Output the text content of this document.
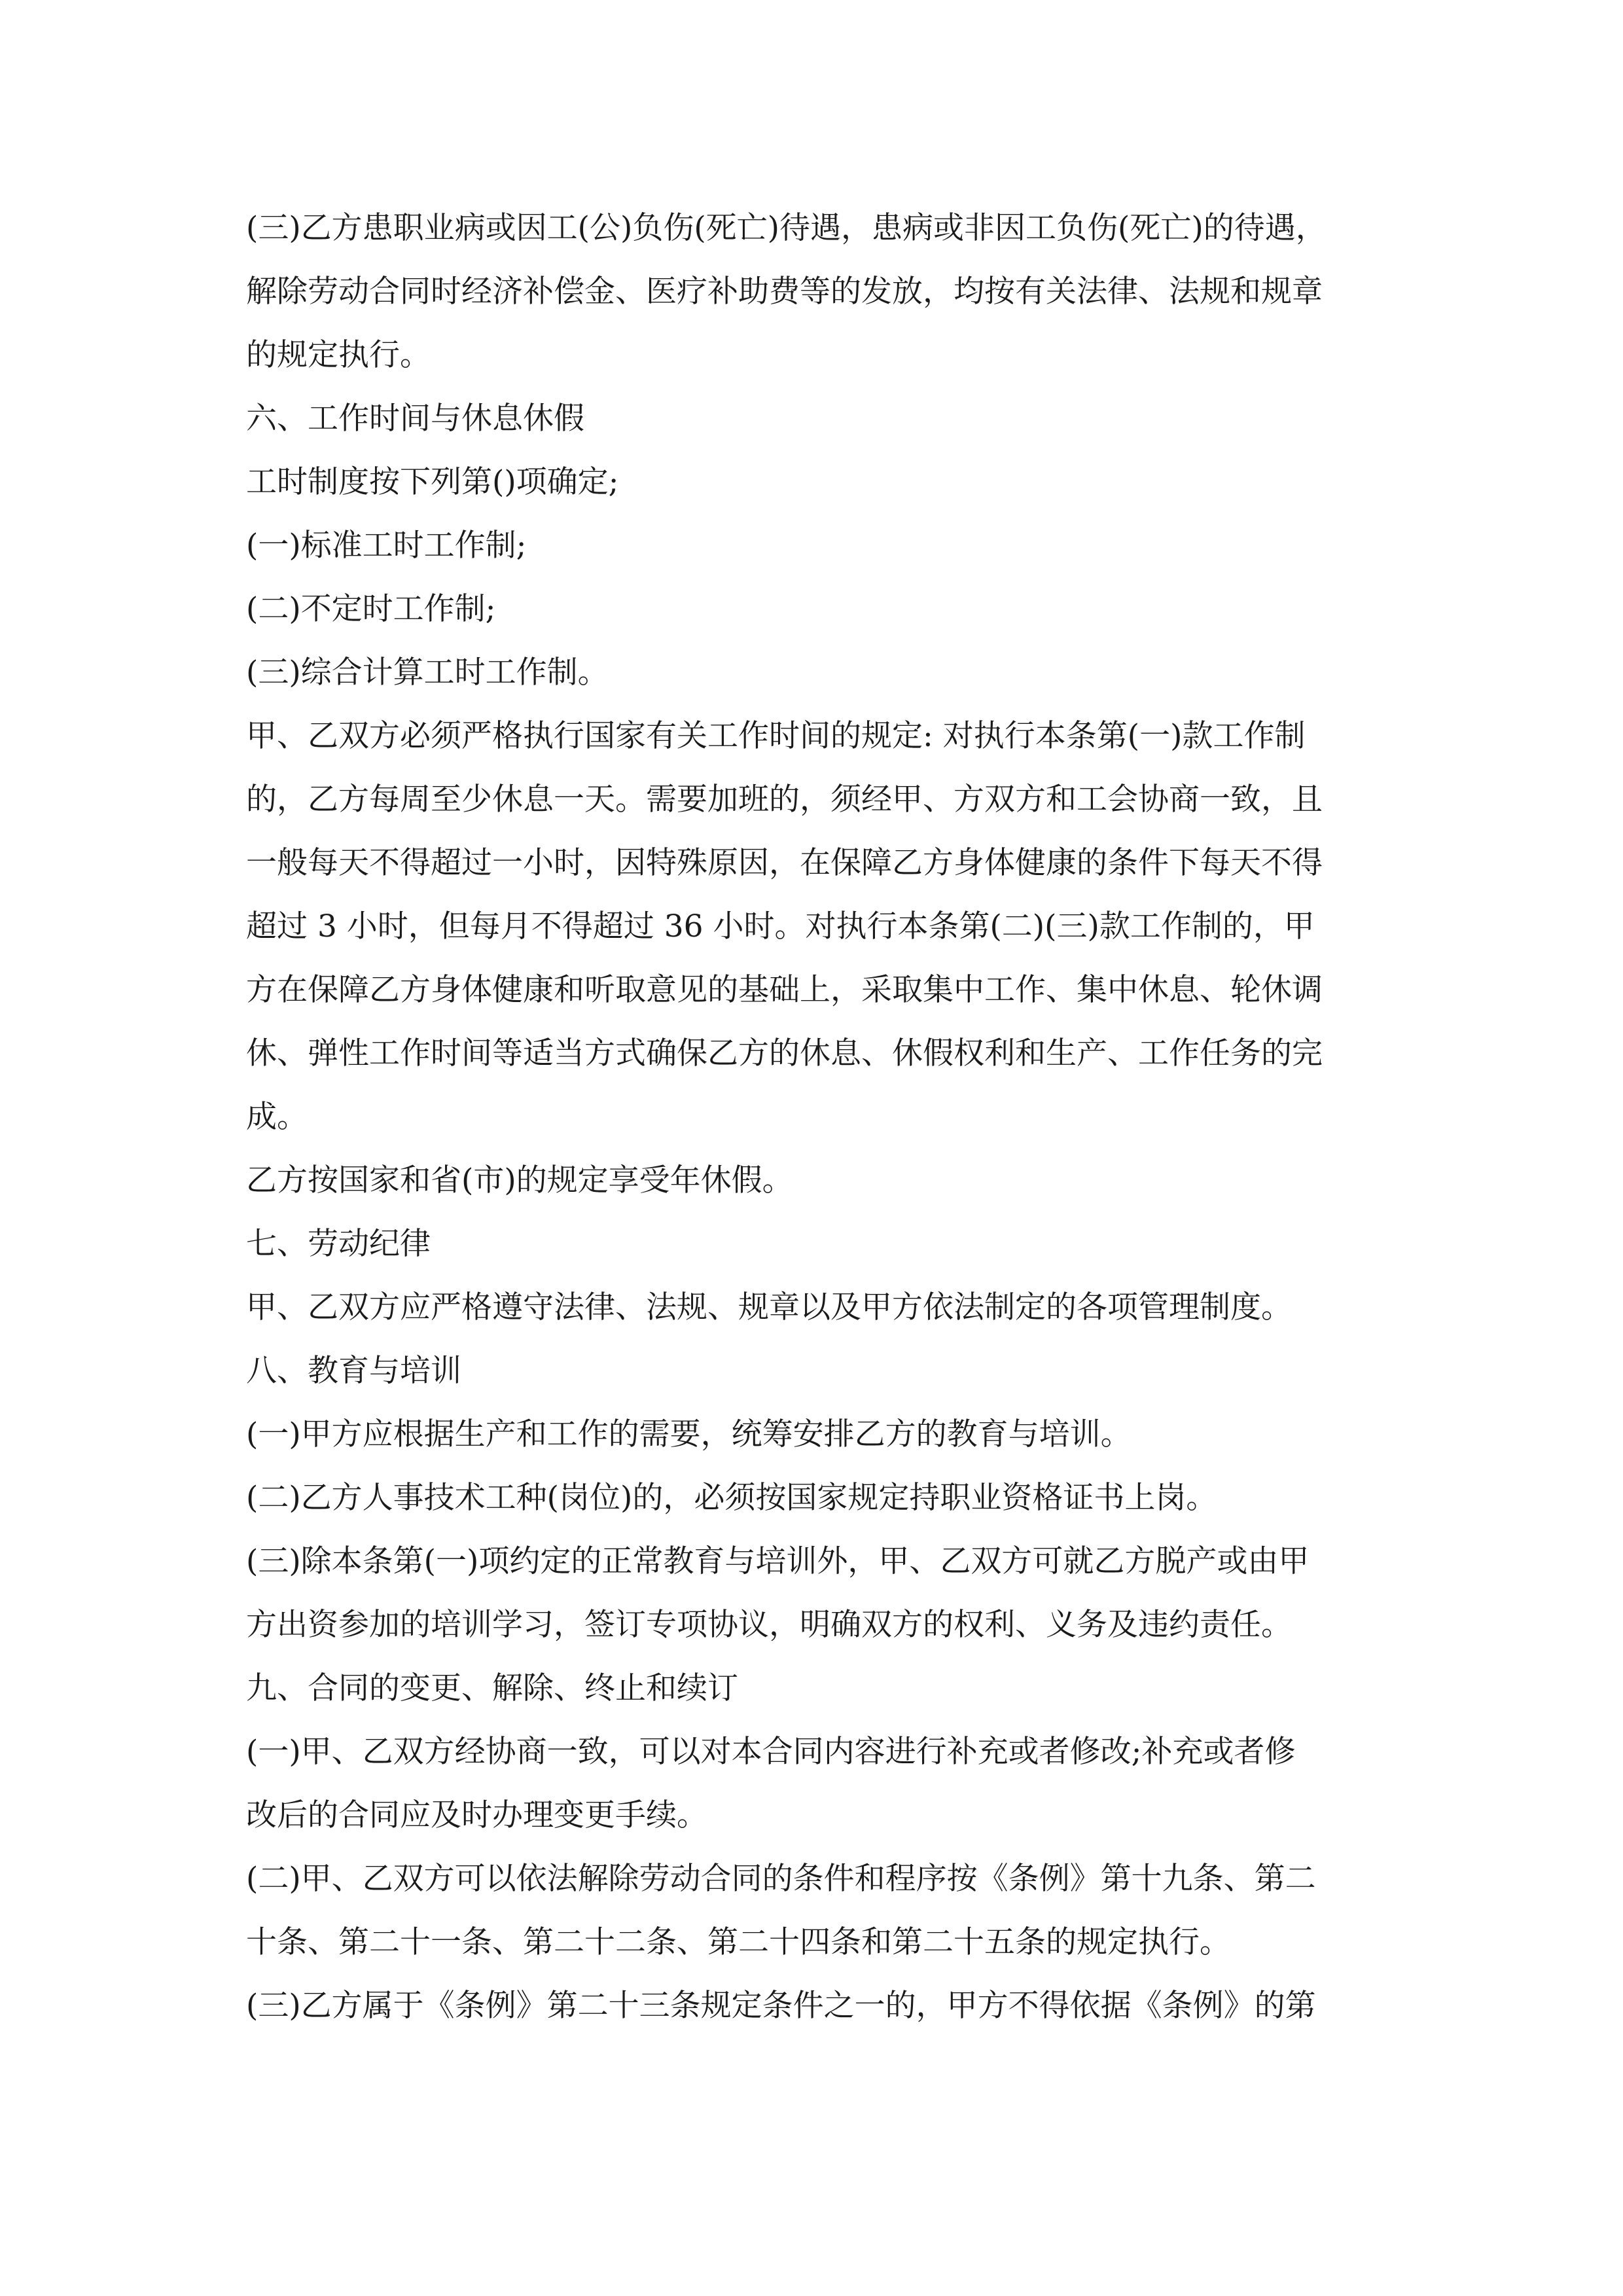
(三)乙方患职业病或因工(公)负伤(死亡)待遇，患病或非因工负伤(死亡)的待遇，
解除劳动合同时经济补偿金、医疗补助费等的发放，均按有关法律、法规和规章
的规定执行。
六、工作时间与休息休假
工时制度按下列第()项确定;
(一)标准工时工作制;
(二)不定时工作制;
(三)综合计算工时工作制。
甲、乙双方必须严格执行国家有关工作时间的规定: 对执行本条第(一)款工作制
的，乙方每周至少休息一天。需要加班的，须经甲、方双方和工会协商一致，且
一般每天不得超过一小时，因特殊原因，在保障乙方身体健康的条件下每天不得
超过 3 小时，但每月不得超过 36 小时。对执行本条第(二)(三)款工作制的，甲
方在保障乙方身体健康和听取意见的基础上，采取集中工作、集中休息、轮休调
休、弹性工作时间等适当方式确保乙方的休息、休假权利和生产、工作任务的完
成。
乙方按国家和省(市)的规定享受年休假。
七、劳动纪律
甲、乙双方应严格遵守法律、法规、规章以及甲方依法制定的各项管理制度。
八、教育与培训
(一)甲方应根据生产和工作的需要，统筹安排乙方的教育与培训。
(二)乙方人事技术工种(岗位)的，必须按国家规定持职业资格证书上岗。
(三)除本条第(一)项约定的正常教育与培训外，甲、乙双方可就乙方脱产或由甲
方出资参加的培训学习，签订专项协议，明确双方的权利、义务及违约责任。
九、合同的变更、解除、终止和续订
(一)甲、乙双方经协商一致，可以对本合同内容进行补充或者修改;补充或者修
改后的合同应及时办理变更手续。
(二)甲、乙双方可以依法解除劳动合同的条件和程序按《条例》第十九条、第二
十条、第二十一条、第二十二条、第二十四条和第二十五条的规定执行。
(三)乙方属于《条例》第二十三条规定条件之一的，甲方不得依据《条例》的第
